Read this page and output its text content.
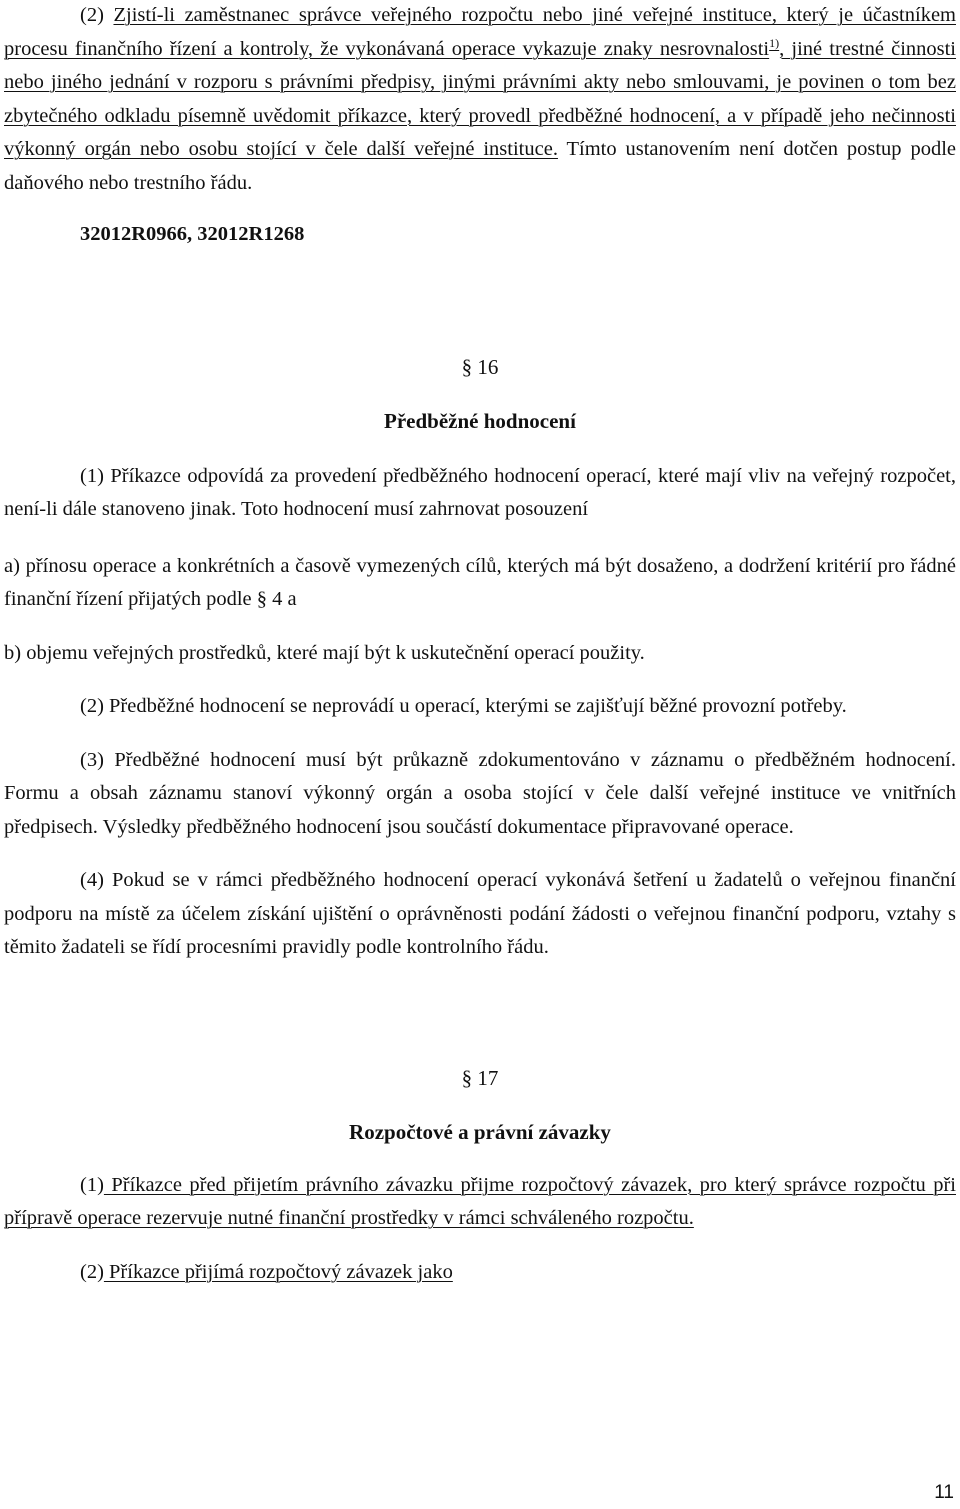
(2) Zjistí-li zaměstnanec správce veřejného rozpočtu nebo jiné veřejné instituce, který je účastníkem procesu finančního řízení a kontroly, že vykonávaná operace vykazuje znaky nesrovnalosti$^{1)}$, jiné trestné činnosti nebo jiného jednání v rozporu s právními předpisy, jinými právními akty nebo smlouvami, je povinen o tom bez zbytečného odkladu písemně uvědomit příkazce, který provedl předběžné hodnocení, a v případě jeho nečinnosti výkonný orgán nebo osobu stojící v čele další veřejné instituce. Tímto ustanovením není dotčen postup podle daňového nebo trestního řádu.

32012R0966, 32012R1268

§ 16
Předběžné hodnocení

(1) Příkazce odpovídá za provedení předběžného hodnocení operací, které mají vliv na veřejný rozpočet, není-li dále stanoveno jinak. Toto hodnocení musí zahrnovat posouzení

a) přínosu operace a konkrétních a časově vymezených cílů, kterých má být dosaženo, a dodržení kritérií pro řádné finanční řízení přijatých podle § 4 a

b) objemu veřejných prostředků, které mají být k uskutečnění operací použity.

(2) Předběžné hodnocení se neprovádí u operací, kterými se zajišťují běžné provozní potřeby.

(3) Předběžné hodnocení musí být průkazně zdokumentováno v záznamu o předběžném hodnocení. Formu a obsah záznamu stanoví výkonný orgán a osoba stojící v čele další veřejné instituce ve vnitřních předpisech. Výsledky předběžného hodnocení jsou součástí dokumentace připravované operace.

(4) Pokud se v rámci předběžného hodnocení operací vykonává šetření u žadatelů o veřejnou finanční podporu na místě za účelem získání ujištění o oprávněnosti podání žádosti o veřejnou finanční podporu, vztahy s těmito žadateli se řídí procesními pravidly podle kontrolního řádu.

§ 17
Rozpočtové a právní závazky

(1) Příkazce před přijetím právního závazku přijme rozpočtový závazek, pro který správce rozpočtu při přípravě operace rezervuje nutné finanční prostředky v rámci schváleného rozpočtu.

(2) Příkazce přijímá rozpočtový závazek jako

11
